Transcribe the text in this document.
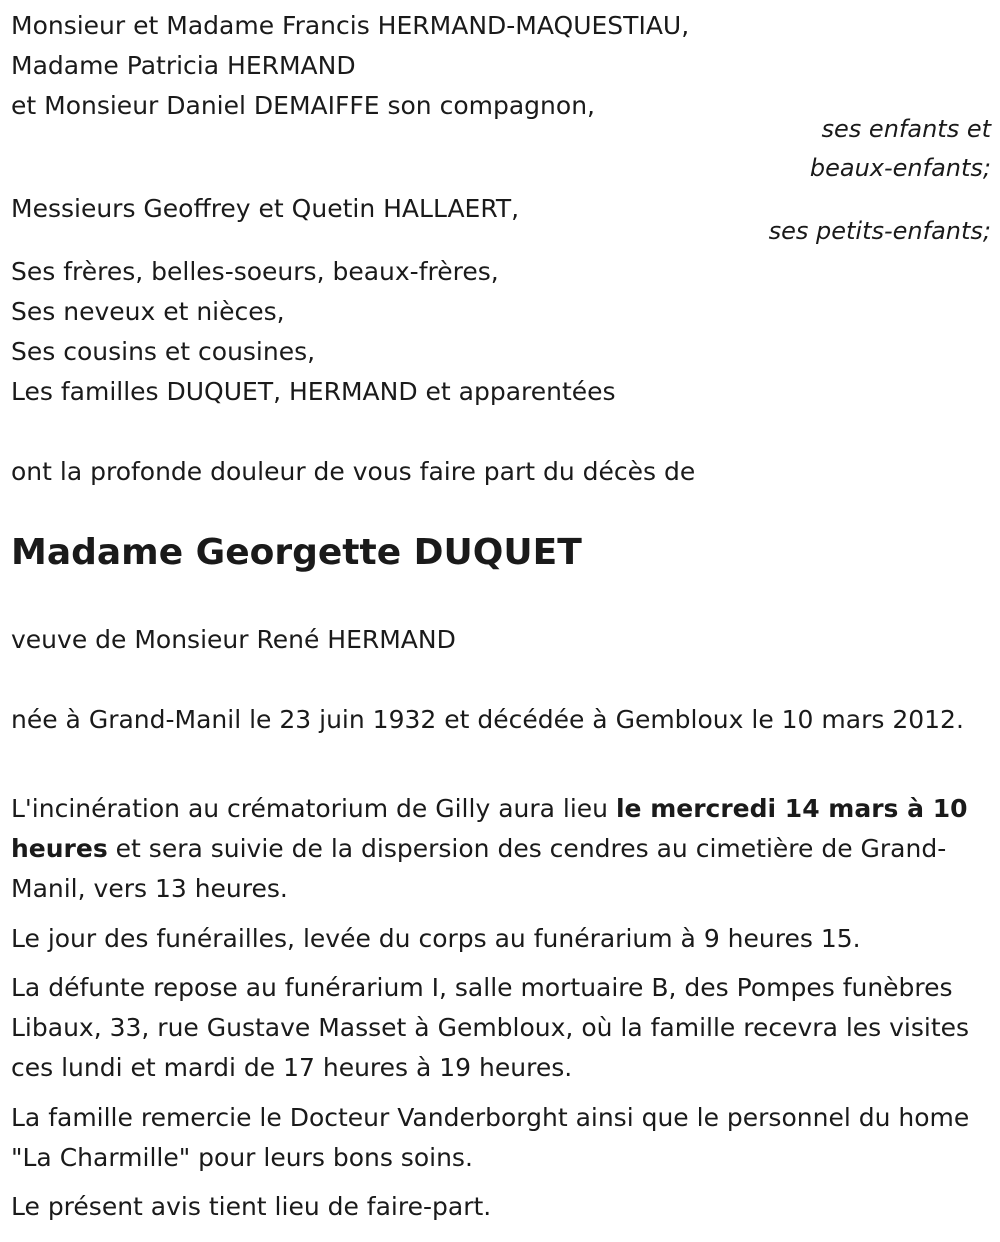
Monsieur et Madame Francis HERMAND-MAQUESTIAU,

Madame Patricia HERMAND

et Monsieur Daniel DEMAIFFE son compagnon,

ses enfants et

beaux-enfants;

Messieurs Geoffrey et Quetin HALLAERT,

ses petits-enfants;

Ses frères, belles-soeurs, beaux-frères,

Ses neveux et nièces,

Ses cousins et cousines,

Les familles DUQUET, HERMAND et apparentées

ont la profonde douleur de vous faire part du décès de

Madame Georgette DUQUET

veuve de Monsieur René HERMAND

née à Grand-Manil le 23 juin 1932 et décédée à Gembloux le 10 mars 2012.

L'incinération au crématorium de Gilly aura lieu le mercredi 14 mars à 10 heures et sera suivie de la dispersion des cendres au cimetière de Grand-Manil, vers 13 heures.

Le jour des funérailles, levée du corps au funérarium à 9 heures 15.

La défunte repose au funérarium I, salle mortuaire B, des Pompes funèbres Libaux, 33, rue Gustave Masset à Gembloux, où la famille recevra les visites ces lundi et mardi de 17 heures à 19 heures.

La famille remercie le Docteur Vanderborght ainsi que le personnel du home "La Charmille" pour leurs bons soins.

Le présent avis tient lieu de faire-part.
